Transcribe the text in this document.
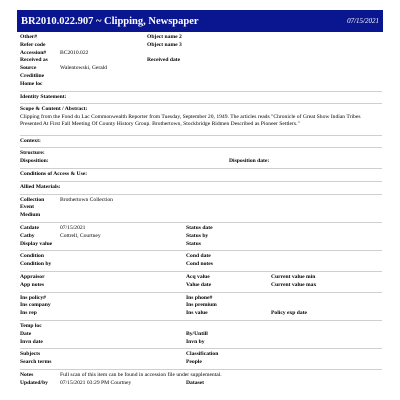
BR2010.022.907 ~ Clipping, Newspaper	07/15/2021
Other#	Object name 2
Refer code	Object name 3
Accession# BC2010.022
Received as	Received date
Source	Walentowski, Gerald
Creditline
Home loc
Identity Statement:
Scope & Content / Abstract:
Clipping from the Fond du Lac Commonwealth Reporter from Tuesday, September 20, 1949. The articles reads "Chronicle of Great Show Indian Tribes Presented At First Fall Meeting Of County History Group. Brothertown, Stockbridge Ridmen Described as Pioneer Settlers."
Context:
Structure:
Disposition:	Disposition date:
Conditions of Access & Use:
Allied Materials:
Collection	Brothertown Collection
Event
Medium
Catdate	07/15/2021	Status date
Catby	Cottrell, Courtney	Status by
Display value	Status
Condition	Cond date
Condition by	Cond notes
Appraisor	Acq value	Current value min
App notes	Value date	Current value max
Ins policy#	Ins phone#
Ins company	Ins premium
Ins rep	Ins value	Policy exp date
Temp loc
Date	By/Untill
Invn date	Invn by
Subjects	Classification
Search terms	People
Notes	Full scan of this item can be found in accession file under supplemental.
Updated/by 07/15/2021 03:29 PM Courtney	Dataset
